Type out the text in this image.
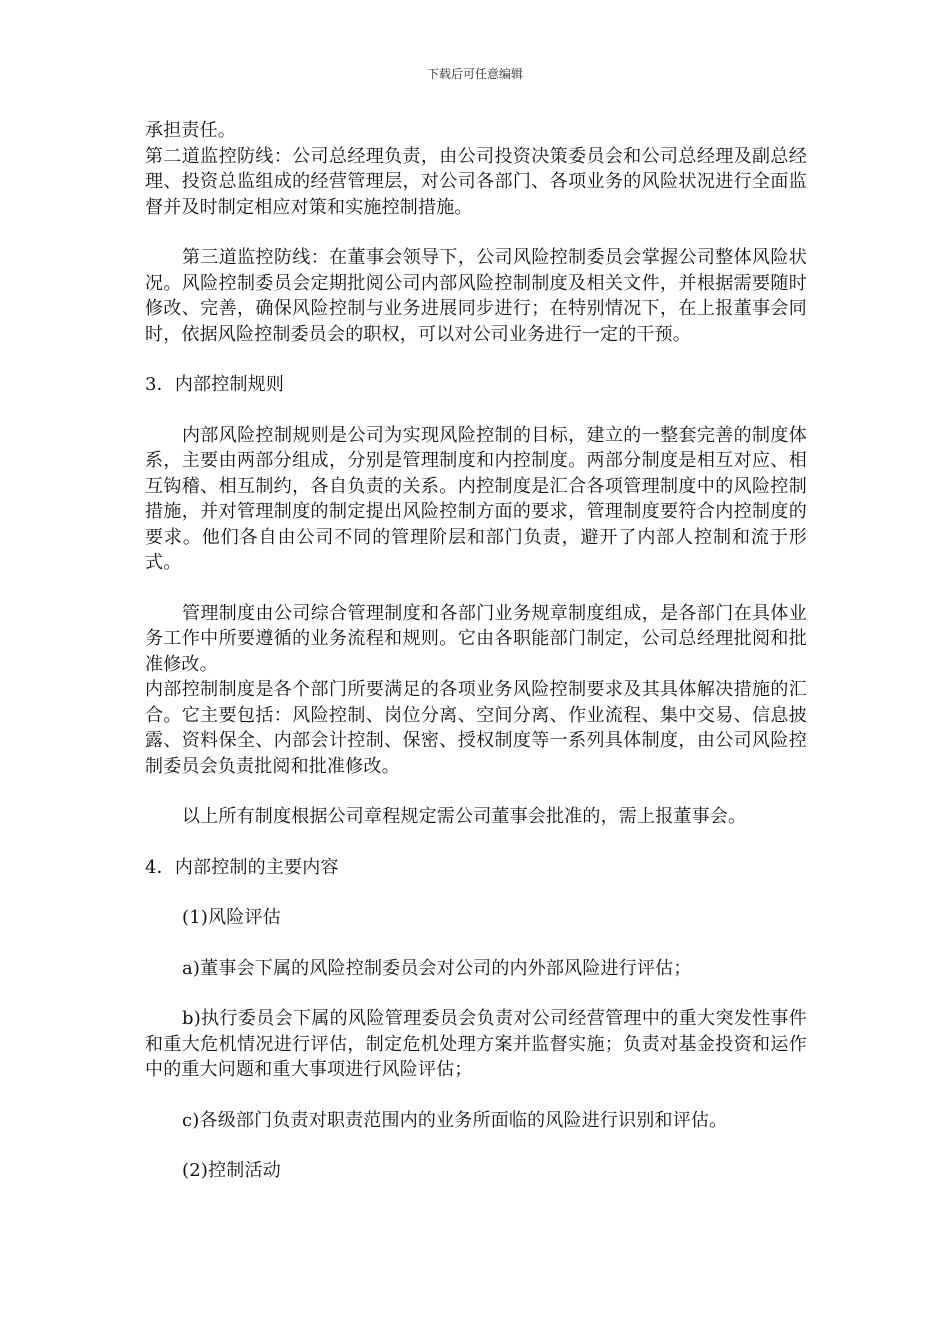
下载后可任意编辑

承担责任。

第二道监控防线：公司总经理负责，由公司投资决策委员会和公司总经理及副总经理、投资总监组成的经营管理层，对公司各部门、各项业务的风险状况进行全面监督并及时制定相应对策和实施控制措施。

第三道监控防线：在董事会领导下，公司风险控制委员会掌握公司整体风险状况。风险控制委员会定期批阅公司内部风险控制制度及相关文件，并根据需要随时修改、完善，确保风险控制与业务进展同步进行；在特别情况下，在上报董事会同时，依据风险控制委员会的职权，可以对公司业务进行一定的干预。

3．内部控制规则

内部风险控制规则是公司为实现风险控制的目标，建立的一整套完善的制度体系，主要由两部分组成，分别是管理制度和内控制度。两部分制度是相互对应、相互钩稽、相互制约，各自负责的关系。内控制度是汇合各项管理制度中的风险控制措施，并对管理制度的制定提出风险控制方面的要求，管理制度要符合内控制度的要求。他们各自由公司不同的管理阶层和部门负责，避开了内部人控制和流于形式。

管理制度由公司综合管理制度和各部门业务规章制度组成，是各部门在具体业务工作中所要遵循的业务流程和规则。它由各职能部门制定，公司总经理批阅和批准修改。

内部控制制度是各个部门所要满足的各项业务风险控制要求及其具体解决措施的汇合。它主要包括：风险控制、岗位分离、空间分离、作业流程、集中交易、信息披露、资料保全、内部会计控制、保密、授权制度等一系列具体制度，由公司风险控制委员会负责批阅和批准修改。

以上所有制度根据公司章程规定需公司董事会批准的，需上报董事会。

4．内部控制的主要内容

(1)风险评估

a)董事会下属的风险控制委员会对公司的内外部风险进行评估；

b)执行委员会下属的风险管理委员会负责对公司经营管理中的重大突发性事件和重大危机情况进行评估，制定危机处理方案并监督实施；负责对基金投资和运作中的重大问题和重大事项进行风险评估；

c)各级部门负责对职责范围内的业务所面临的风险进行识别和评估。

(2)控制活动
